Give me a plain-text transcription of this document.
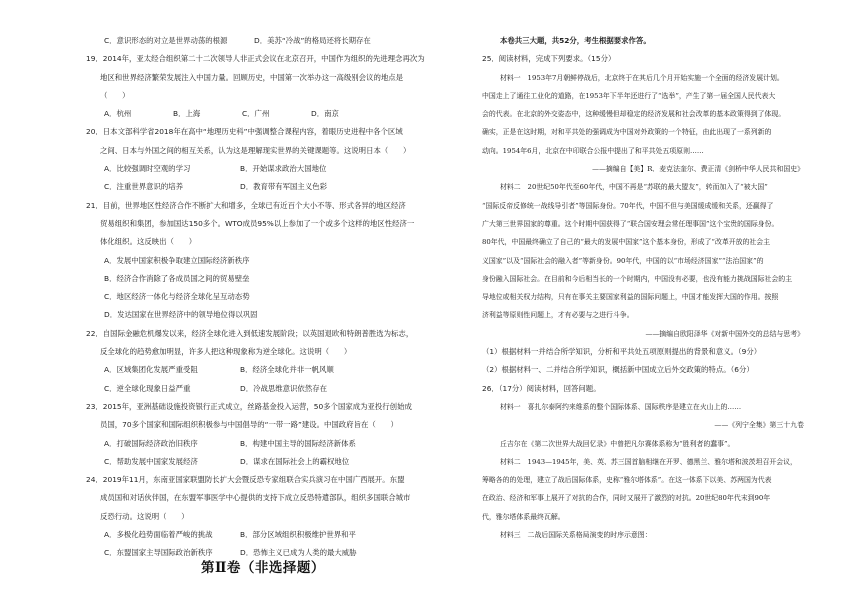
C．意识形态的对立是世界动荡的根源	D．美苏“冷战”的格局还将长期存在
19．2014年，亚太经合组织第二十二次领导人非正式会议在北京召开，中国作为组织的先进理念再次为
地区和世界经济繁荣发展注入中国力量。回顾历史，中国第一次举办这一高级别会议的地点是
（　　）
A．杭州	B．上海	C．广州	D．南京
20．日本文部科学省2018年在高中“地理历史科”中强调整合课程内容，着眼历史进程中各个区域
之间、日本与外国之间的相互关系，认为这是理解现实世界的关键课题等。这说明日本（　　）
A．比较强调时空观的学习	B．开始谋求政治大国地位
C．注重世界意识的培养	D．教育带有军国主义色彩
21．目前，世界地区性经济合作不断扩大和增多，全球已有近百个大小不等、形式各异的地区经济
贸易组织和集团，参加国达150多个。WTO成员95%以上参加了一个或多个这样的地区性经济一
体化组织。这反映出（　　）
A．发展中国家积极争取建立国际经济新秩序
B．经济合作消除了各成员国之间的贸易壁垒
C．地区经济一体化与经济全球化呈互动态势
D．发达国家在世界经济中的领导地位得以巩固
22．自国际金融危机爆发以来，经济全球化进入到低速发展阶段；以英国退欧和特朗普胜选为标志，
反全球化的趋势愈加明显，许多人把这种现象称为逆全球化。这说明（　　）
A．区域集团化发展严重受阻	B．经济全球化并非一帆风顺
C．逆全球化现象日益严重	D．冷战思维意识依然存在
23．2015年，亚洲基础设施投资银行正式成立，丝路基金投入运营，50多个国家成为亚投行创始成
员国，70多个国家和国际组织积极参与中国倡导的“一带一路”建设。中国政府旨在（　　）
A．打破国际经济政治旧秩序	B．构建中国主导的国际经济新体系
C．帮助发展中国家发展经济	D．谋求在国际社会上的霸权地位
24．2019年11月，东南亚国家联盟防长扩大会暨反恐专家组联合实兵演习在中国广西展开。东盟
成员国和对话伙伴国，在东盟军事医学中心提供的支持下成立反恐特遣部队，组织多国联合城市
反恐行动。这说明（　　）
A．多极化趋势面临着严峻的挑战	B．部分区域组织积极维护世界和平
C．东盟国家主导国际政治新秩序	D．恐怖主义已成为人类的最大威胁
第Ⅱ卷（非选择题）
本卷共三大题，共52分，考生根据要求作答。
25．阅读材料，完成下列要求。（15分）
材料一　1953年7月朝鲜停战后，北京终于在其后几个月开始实施一个全面的经济发展计划。
中国走上了通往工业化的道路，在1953年下半年还进行了“选举”，产生了第一届全国人民代表大
会的代表。在北京的外交姿态中，这种缓慢但却稳定的经济发展和社会改革的基本政策得到了体现。
确实，正是在这时期，对和平共处的强调成为中国对外政策的一个特征，由此出现了一系列新的
动向。1954年6月，北京在中印联合公报中提出了和平共处五项原则……
——摘编自【美】R．麦克法奎尔、费正清《剑桥中华人民共和国史》
材料二　20世纪50年代至60年代，中国不再是“苏联的最大盟友”，转而加入了“被大国”
“国际反帝反修统一战线导引者”等国际身份。70年代，中国不但与美国缓成缓和关系，还赢得了
广大第三世界国家的尊重。这个时期中国获得了“联合国安理会常任理事国”这个宝贵的国际身份。
80年代，中国最终确立了自己的“最大的发展中国家”这个基本身份，形成了“改革开放的社会主
义国家”以及“国际社会的融入者”等新身份。90年代，中国的以“市场经济国家”“法治国家”的
身份融入国际社会。在目前和今后相当长的一个时期内，中国没有必要，也没有能力挑战国际社会的主
导地位或相关权力结构，只有在事关主要国家利益的国际问题上，中国才能发挥大国的作用。按照
济利益等原则性问题上，才有必要与之进行斗争。
——摘编自欧阳泽华《对新中国外交的总结与思考》
（1）根据材料一并结合所学知识，分析和平共处五项原则提出的背景和意义。（9分）
（2）根据材料一、二并结合所学知识，概括新中国成立后外交政策的特点。（6分）
26．（17分）阅读材料，回答问题。
材料一　喜扎尔泰阿约来维系的整个国际体系、国际秩序是建立在火山上的……
——《列宁全集》第三十九卷
丘吉尔在《第二次世界大战回忆录》中曾把凡尔赛体系称为“胜利者的蠢事”。
材料二　1943—1945年，美、英、苏三国首脑相继在开罗、德黑兰、雅尔塔和波茨坦召开会议，
筹略各的的处理，建立了战后国际体系，史称“雅尔塔体系”。在这一体系下以美、苏两国为代表
在政治、经济和军事上展开了对抗的合作，同时又展开了激烈的对抗。20世纪80年代末到90年
代，雅尔塔体系最终瓦解。
材料三　二战后国际关系格局演变的时序示意图：
